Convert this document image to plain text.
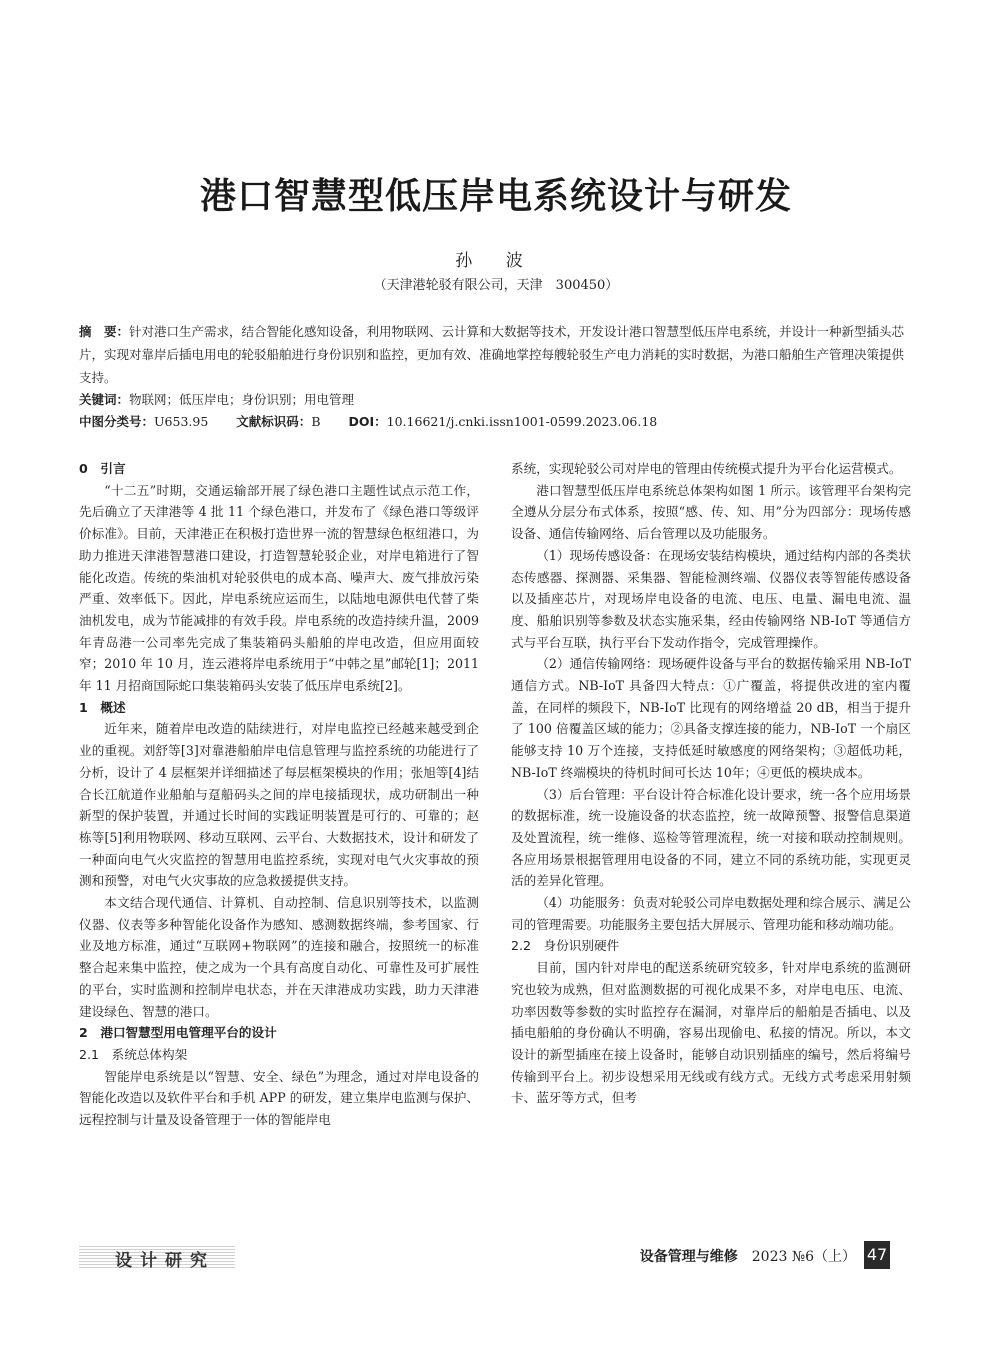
港口智慧型低压岸电系统设计与研发
孙 波
（天津港轮驳有限公司，天津　300450）
摘　要：针对港口生产需求，结合智能化感知设备，利用物联网、云计算和大数据等技术，开发设计港口智慧型低压岸电系统，并设计一种新型插头芯片，实现对靠岸后插电用电的轮驳船舶进行身份识别和监控，更加有效、准确地掌控每艘轮驳生产电力消耗的实时数据，为港口船舶生产管理决策提供支持。
关键词：物联网；低压岸电；身份识别；用电管理
中图分类号：U653.95 文献标识码：B DOI：10.16621/j.cnki.issn1001-0599.2023.06.18
0　引言

“十二五”时期，交通运输部开展了绿色港口主题性试点示范工作，先后确立了天津港等 4 批 11 个绿色港口，并发布了《绿色港口等级评价标准》。目前，天津港正在积极打造世界一流的智慧绿色枢纽港口，为助力推进天津港智慧港口建设，打造智慧轮驳企业，对岸电箱进行了智能化改造。传统的柴油机对轮驳供电的成本高、噪声大、废气排放污染严重、效率低下。因此，岸电系统应运而生，以陆地电源供电代替了柴油机发电，成为节能减排的有效手段。岸电系统的改造持续升温，2009 年青岛港一公司率先完成了集装箱码头船舶的岸电改造，但应用面较窄；2010 年 10 月，连云港将岸电系统用于“中韩之星”邮轮[1]；2011 年 11 月招商国际蛇口集装箱码头安装了低压岸电系统[2]。

1　概述

近年来，随着岸电改造的陆续进行，对岸电监控已经越来越受到企业的重视。刘舒等[3]对靠港船舶岸电信息管理与监控系统的功能进行了分析，设计了 4 层框架并详细描述了每层框架模块的作用；张旭等[4]结合长江航道作业船舶与趸船码头之间的岸电接插现状，成功研制出一种新型的保护装置，并通过长时间的实践证明装置是可行的、可靠的；赵栋等[5]利用物联网、移动互联网、云平台、大数据技术，设计和研发了一种面向电气火灾监控的智慧用电监控系统，实现对电气火灾事故的预测和预警，对电气火灾事故的应急救援提供支持。

本文结合现代通信、计算机、自动控制、信息识别等技术，以监测仪器、仪表等多种智能化设备作为感知、感测数据终端，参考国家、行业及地方标准，通过“互联网+物联网”的连接和融合，按照统一的标准整合起来集中监控，使之成为一个具有高度自动化、可靠性及可扩展性的平台，实时监测和控制岸电状态，并在天津港成功实践，助力天津港建设绿色、智慧的港口。

2　港口智慧型用电管理平台的设计
2.1　系统总体构架

智能岸电系统是以“智慧、安全、绿色”为理念，通过对岸电设备的智能化改造以及软件平台和手机 APP 的研发，建立集岸电监测与保护、远程控制与计量及设备管理于一体的智能岸电

系统，实现轮驳公司对岸电的管理由传统模式提升为平台化运营模式。

港口智慧型低压岸电系统总体架构如图 1 所示。该管理平台架构完全遵从分层分布式体系，按照“感、传、知、用”分为四部分：现场传感设备、通信传输网络、后台管理以及功能服务。

（1）现场传感设备：在现场安装结构模块，通过结构内部的各类状态传感器、探测器、采集器、智能检测终端、仪器仪表等智能传感设备以及插座芯片，对现场岸电设备的电流、电压、电量、漏电电流、温度、船舶识别等参数及状态实施采集，经由传输网络 NB-IoT 等通信方式与平台互联，执行平台下发动作指令，完成管理操作。

（2）通信传输网络：现场硬件设备与平台的数据传输采用 NB-IoT 通信方式。NB-IoT 具备四大特点：①广覆盖，将提供改进的室内覆盖，在同样的频段下，NB-IoT 比现有的网络增益 20 dB，相当于提升了 100 倍覆盖区域的能力；②具备支撑连接的能力，NB-IoT 一个扇区能够支持 10 万个连接，支持低延时敏感度的网络架构；③超低功耗，NB-IoT 终端模块的待机时间可长达 10年；④更低的模块成本。

（3）后台管理：平台设计符合标准化设计要求，统一各个应用场景的数据标准，统一设施设备的状态监控，统一故障预警、报警信息渠道及处置流程，统一维修、巡检等管理流程，统一对接和联动控制规则。各应用场景根据管理用电设备的不同，建立不同的系统功能，实现更灵活的差异化管理。

（4）功能服务：负责对轮驳公司岸电数据处理和综合展示、满足公司的管理需要。功能服务主要包括大屏展示、管理功能和移动端功能。

2.2　身份识别硬件

目前，国内针对岸电的配送系统研究较多，针对岸电系统的监测研究也较为成熟，但对监测数据的可视化成果不多，对岸电电压、电流、功率因数等参数的实时监控存在漏洞，对靠岸后的船舶是否插电、以及插电船舶的身份确认不明确，容易出现偷电、私接的情况。所以，本文设计的新型插座在接上设备时，能够自动识别插座的编号，然后将编号传输到平台上。初步设想采用无线或有线方式。无线方式考虑采用射频卡、蓝牙等方式，但考

设计研究	设备管理与维修 2023 №6（上） 47
